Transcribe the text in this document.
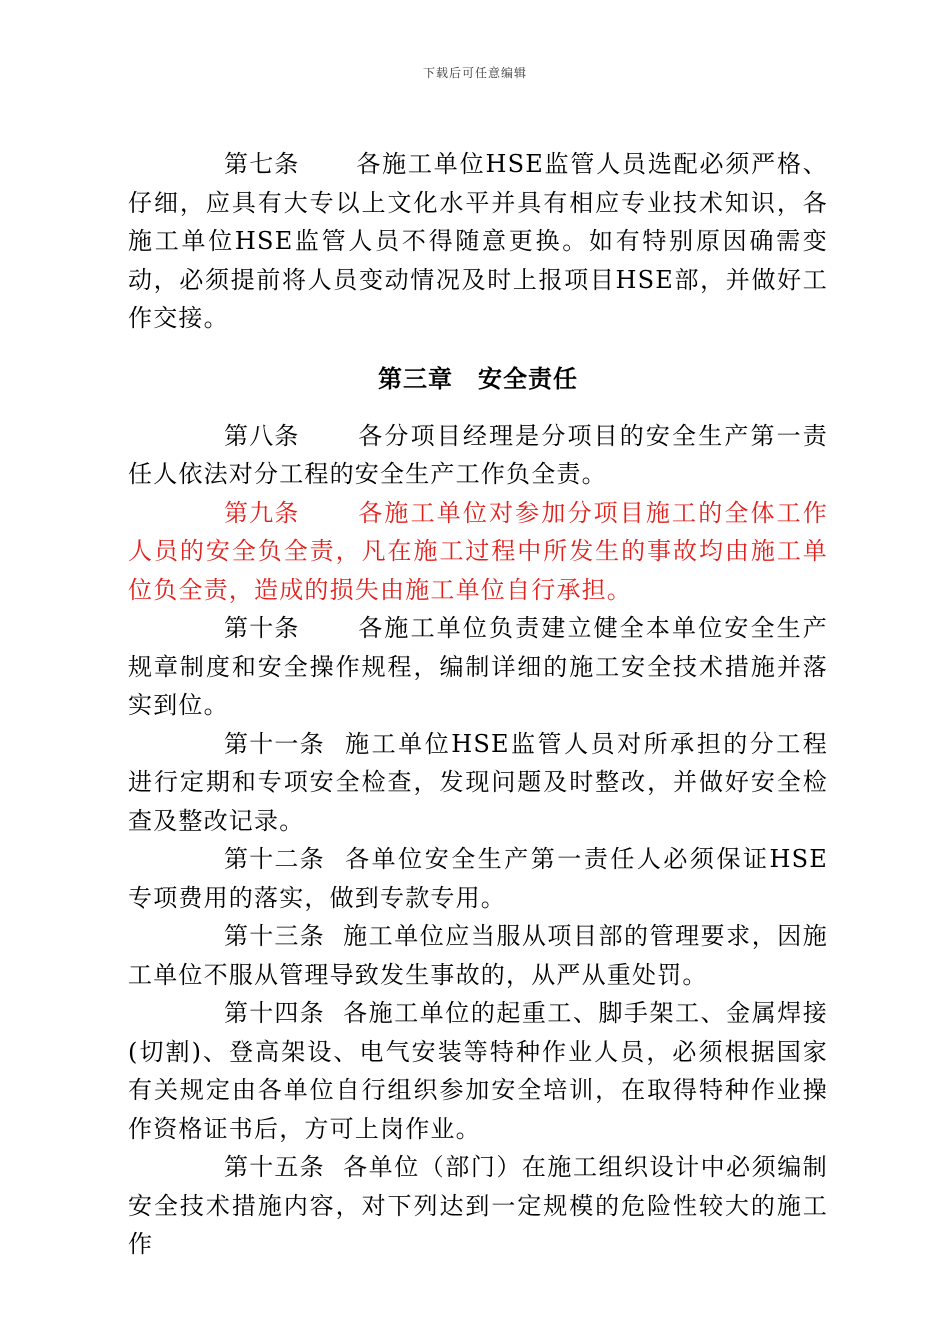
下载后可任意编辑

第七条 各施工单位HSE监管人员选配必须严格、仔细，应具有大专以上文化水平并具有相应专业技术知识，各施工单位HSE监管人员不得随意更换。如有特别原因确需变动，必须提前将人员变动情况及时上报项目HSE部，并做好工作交接。

第三章　安全责任

第八条 各分项目经理是分项目的安全生产第一责任人依法对分工程的安全生产工作负全责。

第九条 各施工单位对参加分项目施工的全体工作人员的安全负全责，凡在施工过程中所发生的事故均由施工单位负全责，造成的损失由施工单位自行承担。

第十条 各施工单位负责建立健全本单位安全生产规章制度和安全操作规程，编制详细的施工安全技术措施并落实到位。

第十一条 施工单位HSE监管人员对所承担的分工程进行定期和专项安全检查，发现问题及时整改，并做好安全检查及整改记录。

第十二条 各单位安全生产第一责任人必须保证HSE专项费用的落实，做到专款专用。

第十三条 施工单位应当服从项目部的管理要求，因施工单位不服从管理导致发生事故的，从严从重处罚。

第十四条 各施工单位的起重工、脚手架工、金属焊接(切割)、登高架设、电气安装等特种作业人员，必须根据国家有关规定由各单位自行组织参加安全培训，在取得特种作业操作资格证书后，方可上岗作业。

第十五条 各单位（部门）在施工组织设计中必须编制安全技术措施内容，对下列达到一定规模的危险性较大的施工作
